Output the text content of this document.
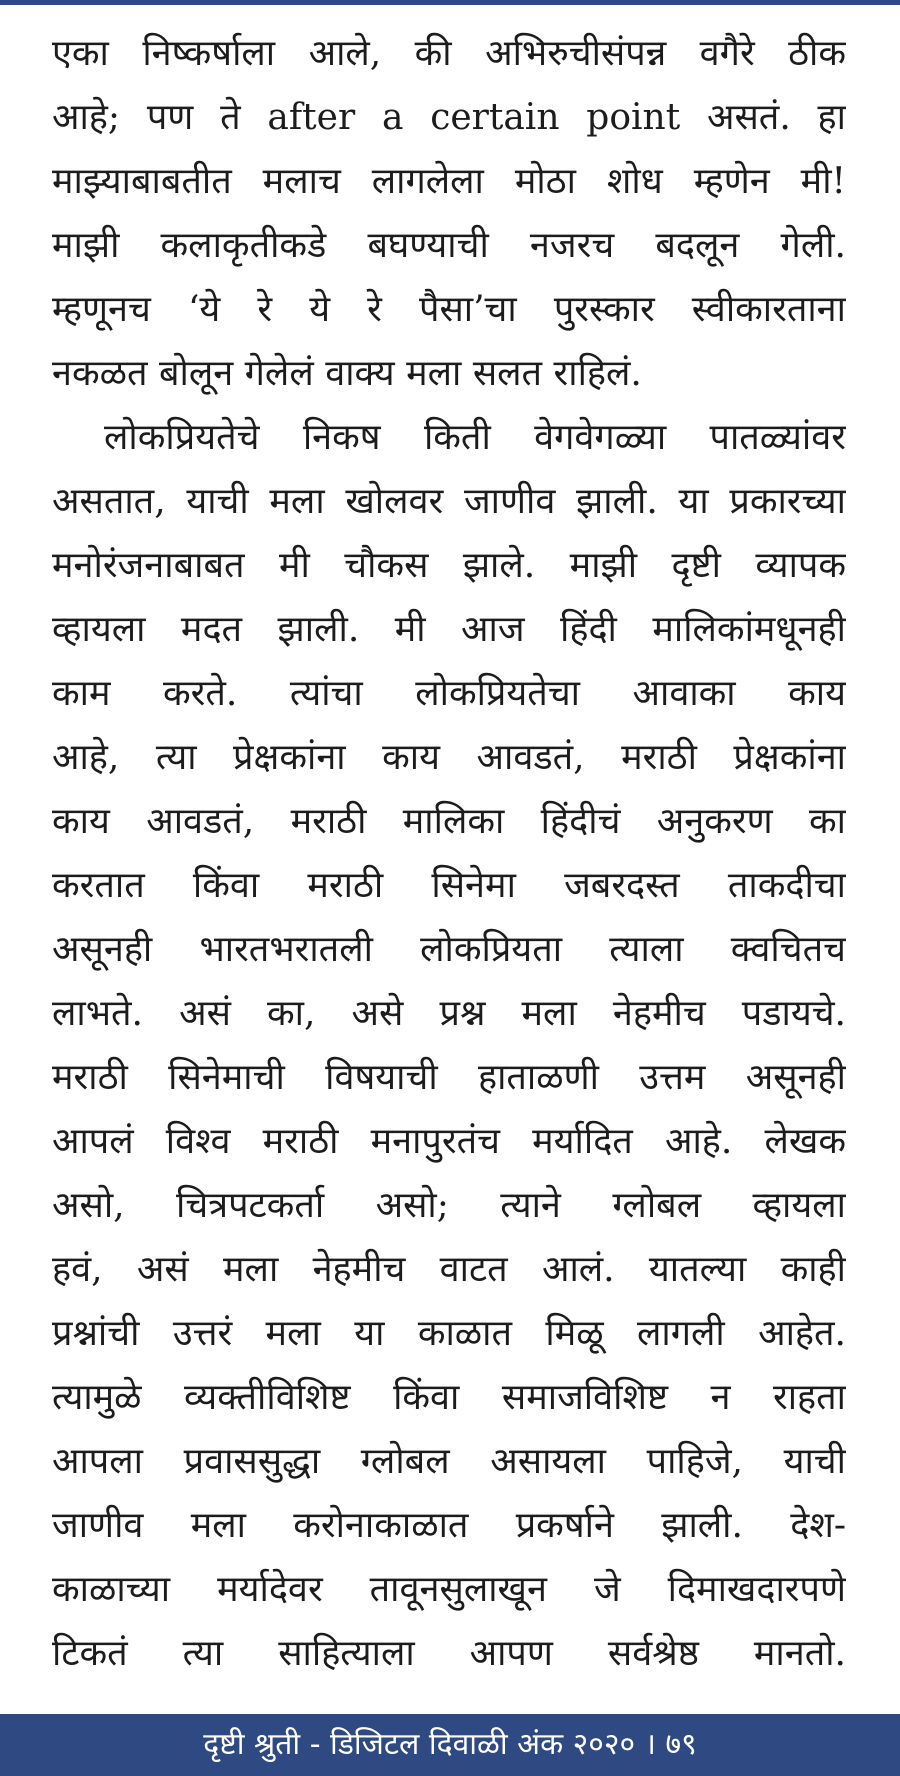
एका निष्कर्षाला आले, की अभिरुचीसंपन्न वगैरे ठीक
आहे; पण ते after a certain point असतं. हा
माझ्याबाबतीत मलाच लागलेला मोठा शोध म्हणेन मी!
माझी कलाकृतीकडे बघण्याची नजरच बदलून गेली.
म्हणूनच ‘ये रे ये रे पैसा’चा पुरस्कार स्वीकारताना
नकळत बोलून गेलेलं वाक्य मला सलत राहिलं.
लोकप्रियतेचे निकष किती वेगवेगळ्या पातळ्यांवर
असतात, याची मला खोलवर जाणीव झाली. या प्रकारच्या
मनोरंजनाबाबत मी चौकस झाले. माझी दृष्टी व्यापक
व्हायला मदत झाली. मी आज हिंदी मालिकांमधूनही
काम करते. त्यांचा लोकप्रियतेचा आवाका काय
आहे, त्या प्रेक्षकांना काय आवडतं, मराठी प्रेक्षकांना
काय आवडतं, मराठी मालिका हिंदीचं अनुकरण का
करतात किंवा मराठी सिनेमा जबरदस्त ताकदीचा
असूनही भारतभरातली लोकप्रियता त्याला क्वचितच
लाभते. असं का, असे प्रश्न मला नेहमीच पडायचे.
मराठी सिनेमाची विषयाची हाताळणी उत्तम असूनही
आपलं विश्व मराठी मनापुरतंच मर्यादित आहे. लेखक
असो, चित्रपटकर्ता असो; त्याने ग्लोबल व्हायला
हवं, असं मला नेहमीच वाटत आलं. यातल्या काही
प्रश्नांची उत्तरं मला या काळात मिळू लागली आहेत.
त्यामुळे व्यक्तीविशिष्ट किंवा समाजविशिष्ट न राहता
आपला प्रवाससुद्धा ग्लोबल असायला पाहिजे, याची
जाणीव मला करोनाकाळात प्रकर्षाने झाली. देश-
काळाच्या मर्यादेवर तावूनसुलाखून जे दिमाखदारपणे
टिकतं त्या साहित्याला आपण सर्वश्रेष्ठ मानतो.
दृष्टी श्रुती - डिजिटल दिवाळी अंक २०२० । ७९
